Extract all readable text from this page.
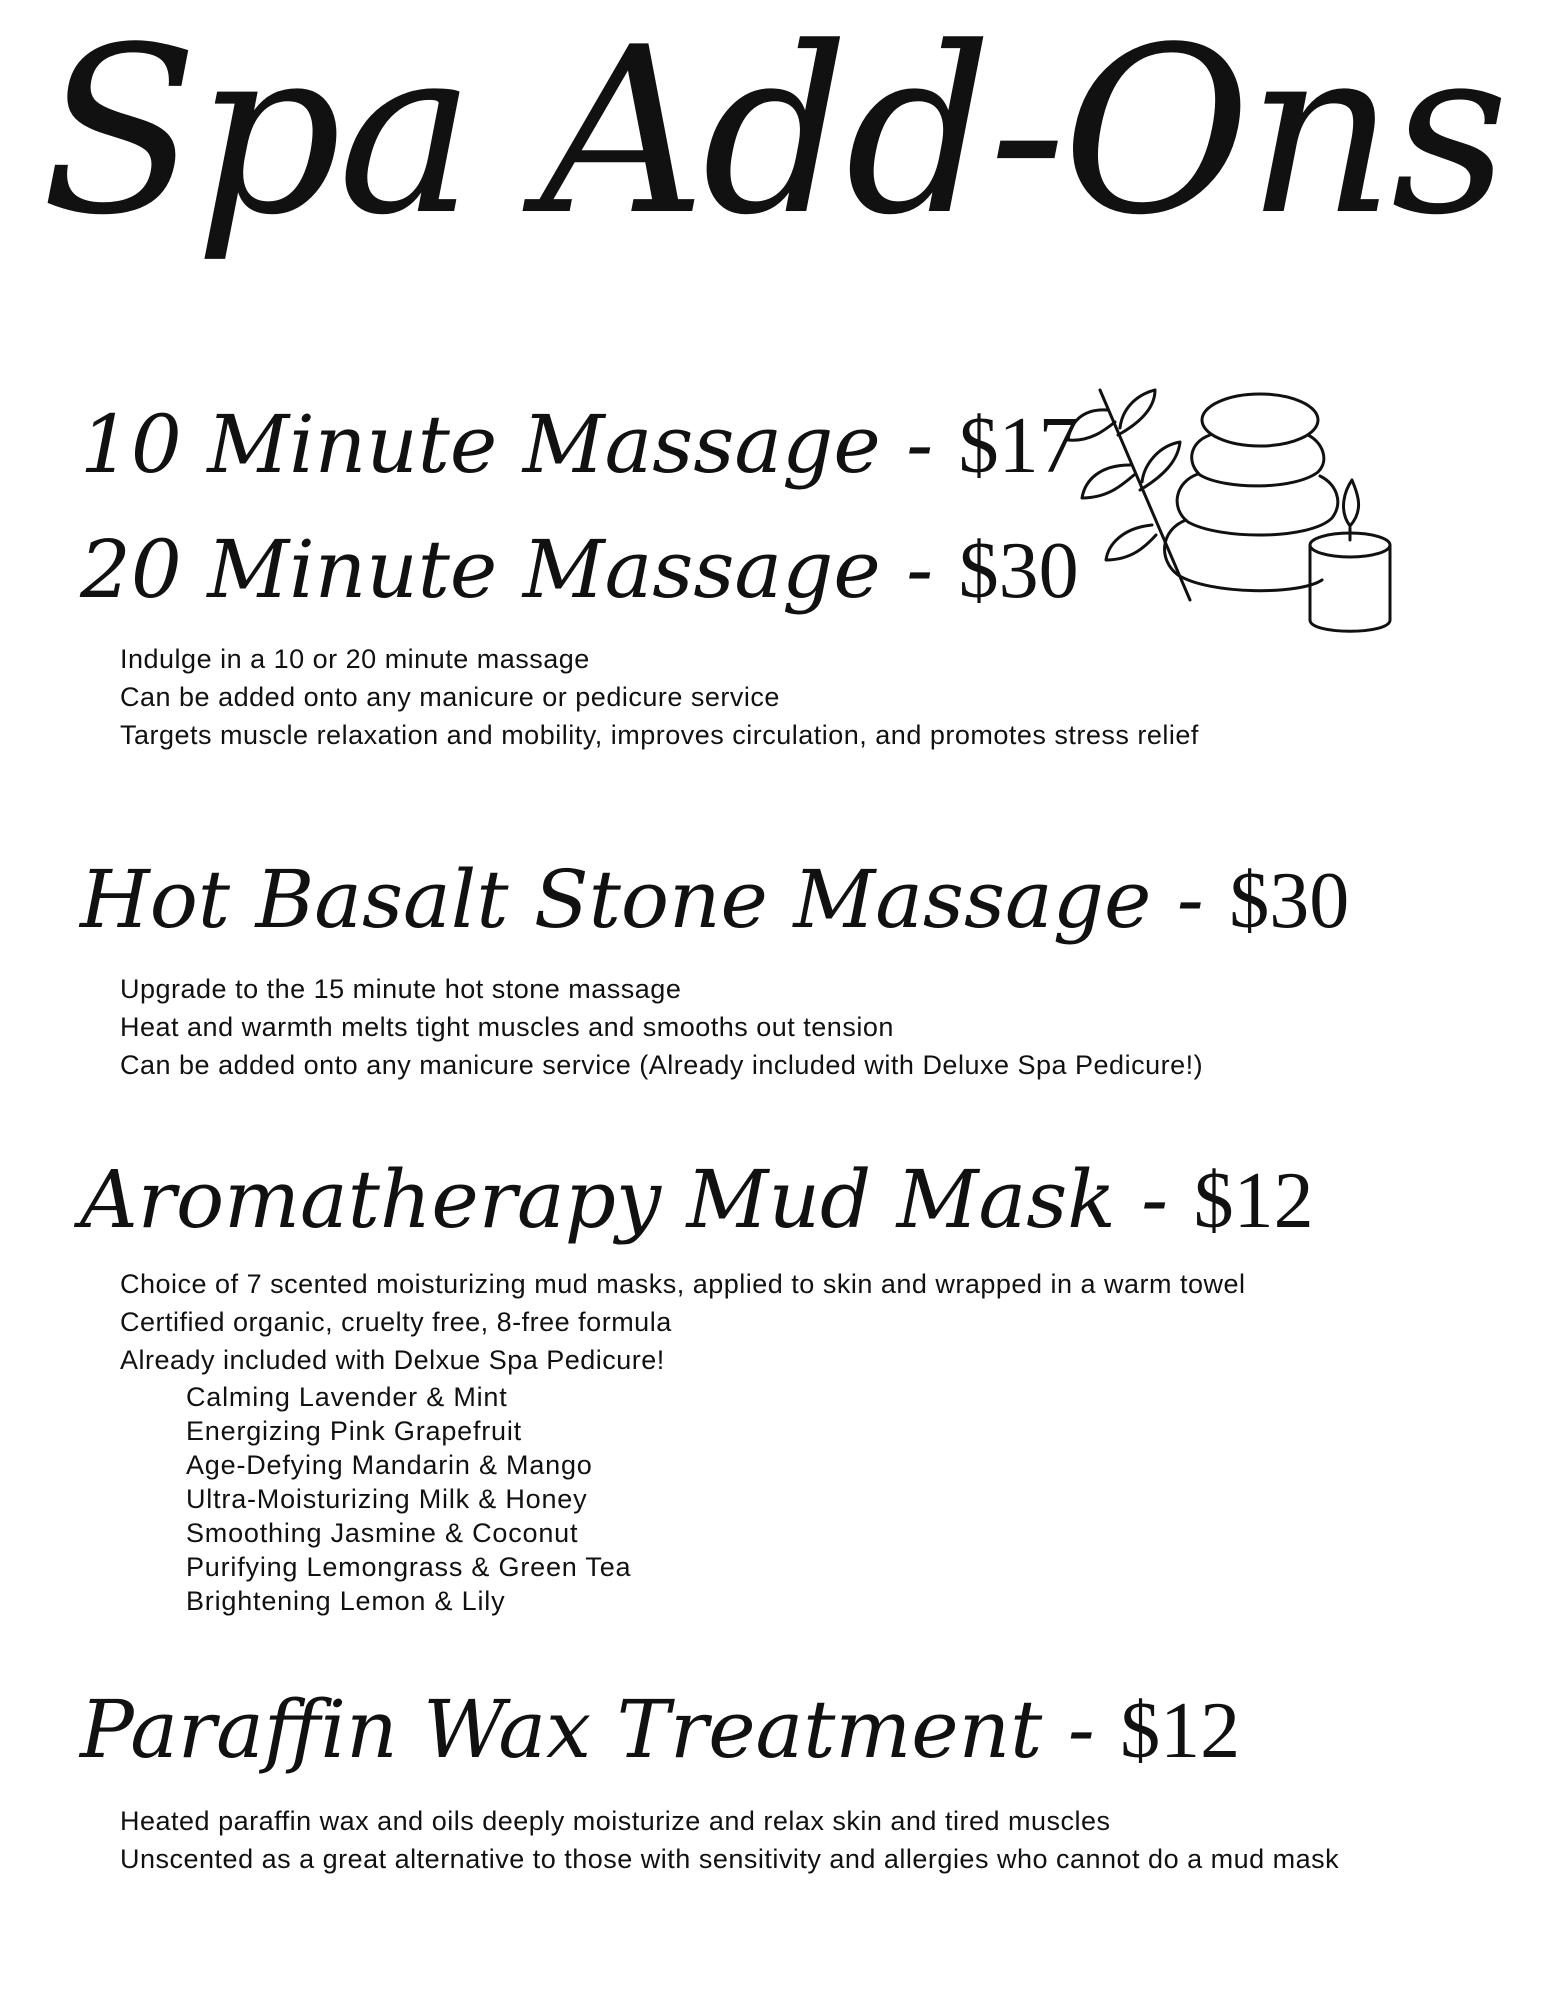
Spa Add-Ons
10 Minute Massage - $17
20 Minute Massage - $30
Indulge in a 10 or 20 minute massage
Can be added onto any manicure or pedicure service
Targets muscle relaxation and mobility, improves circulation, and promotes stress relief
Hot Basalt Stone Massage - $30
Upgrade to the 15 minute hot stone massage
Heat and warmth melts tight muscles and smooths out tension
Can be added onto any manicure service (Already included with Deluxe Spa Pedicure!)
Aromatherapy Mud Mask - $12
Choice of 7 scented moisturizing mud masks, applied to skin and wrapped in a warm towel
Certified organic, cruelty free, 8-free formula
Already included with Delxue Spa Pedicure!
Calming Lavender & Mint
Energizing Pink Grapefruit
Age-Defying Mandarin & Mango
Ultra-Moisturizing Milk & Honey
Smoothing Jasmine & Coconut
Purifying Lemongrass & Green Tea
Brightening Lemon & Lily
Paraffin Wax Treatment - $12
Heated paraffin wax and oils deeply moisturize and relax skin and tired muscles
Unscented as a great alternative to those with sensitivity and allergies who cannot do a mud mask
